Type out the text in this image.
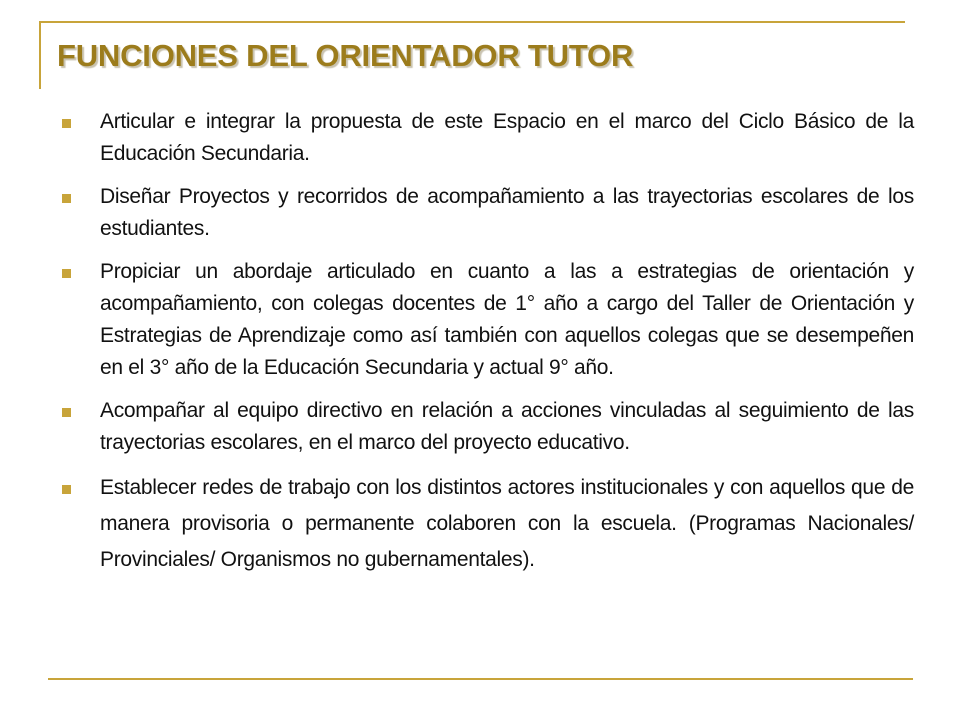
FUNCIONES DEL ORIENTADOR TUTOR
Articular e integrar la propuesta de este Espacio en el marco del Ciclo Básico de la Educación Secundaria.
Diseñar Proyectos y recorridos de acompañamiento a las trayectorias escolares de los estudiantes.
Propiciar un abordaje articulado en cuanto a las a estrategias de orientación y acompañamiento, con colegas docentes de 1° año a cargo del Taller de Orientación y Estrategias de Aprendizaje como así también con aquellos colegas que se desempeñen en el 3° año de la Educación Secundaria y actual 9° año.
Acompañar al equipo directivo en relación a acciones vinculadas al seguimiento de las trayectorias escolares, en el marco del proyecto educativo.
Establecer redes de trabajo con los distintos actores institucionales y con aquellos que de manera provisoria o permanente colaboren con la escuela. (Programas Nacionales/ Provinciales/ Organismos no gubernamentales).
